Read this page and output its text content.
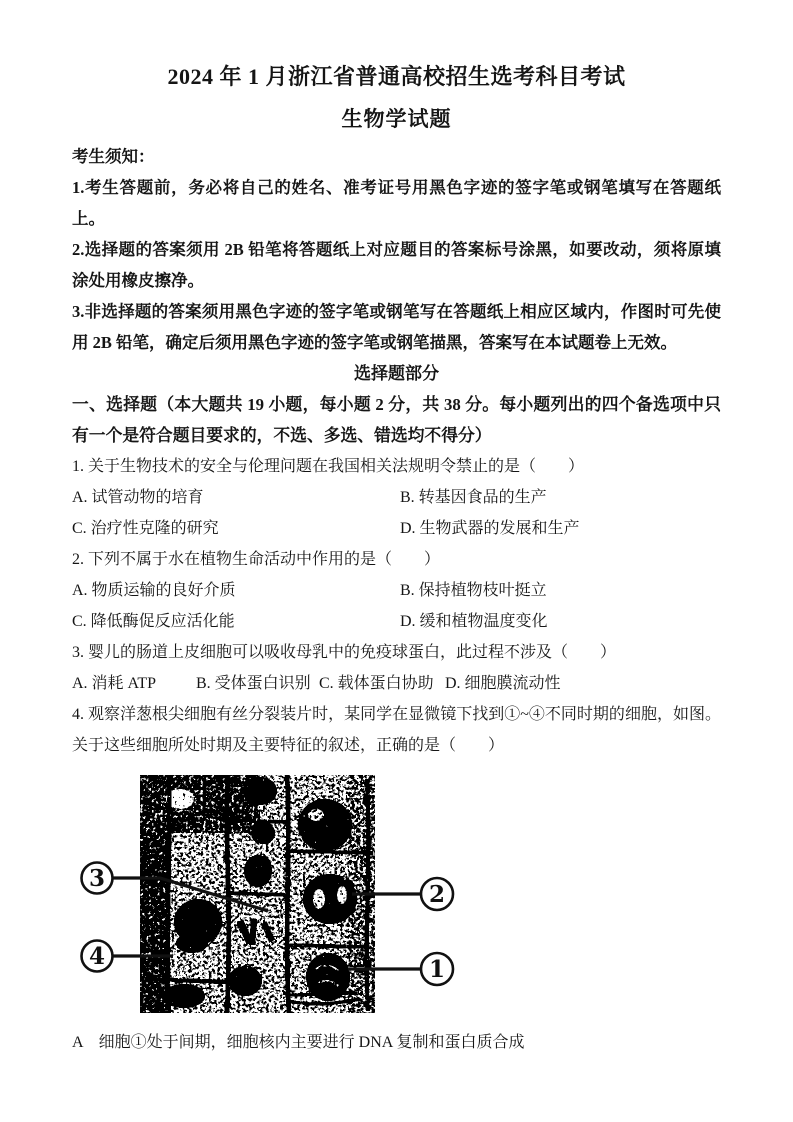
2024 年 1 月浙江省普通高校招生选考科目考试
生物学试题

考生须知：

1.考生答题前，务必将自己的姓名、准考证号用黑色字迹的签字笔或钢笔填写在答题纸上。

2.选择题的答案须用 2B 铅笔将答题纸上对应题目的答案标号涂黑，如要改动，须将原填涂处用橡皮擦净。

3.非选择题的答案须用黑色字迹的签字笔或钢笔写在答题纸上相应区域内，作图时可先使用 2B 铅笔，确定后须用黑色字迹的签字笔或钢笔描黑，答案写在本试题卷上无效。

选择题部分

一、选择题（本大题共 19 小题，每小题 2 分，共 38 分。每小题列出的四个备选项中只有一个是符合题目要求的，不选、多选、错选均不得分）

1. 关于生物技术的安全与伦理问题在我国相关法规明令禁止的是（　　）

A. 试管动物的培育	B. 转基因食品的生产
C. 治疗性克隆的研究	D. 生物武器的发展和生产

2. 下列不属于水在植物生命活动中作用的是（　　）

A. 物质运输的良好介质	B. 保持植物枝叶挺立
C. 降低酶促反应活化能	D. 缓和植物温度变化

3. 婴儿的肠道上皮细胞可以吸收母乳中的免疫球蛋白，此过程不涉及（　　）

A. 消耗 ATP	B. 受体蛋白识别 C. 载体蛋白协助 D. 细胞膜流动性

4. 观察洋葱根尖细胞有丝分裂装片时，某同学在显微镜下找到①~④不同时期的细胞，如图。关于这些细胞所处时期及主要特征的叙述，正确的是（　　）

3
4
2
1

A　细胞①处于间期，细胞核内主要进行 DNA 复制和蛋白质合成
